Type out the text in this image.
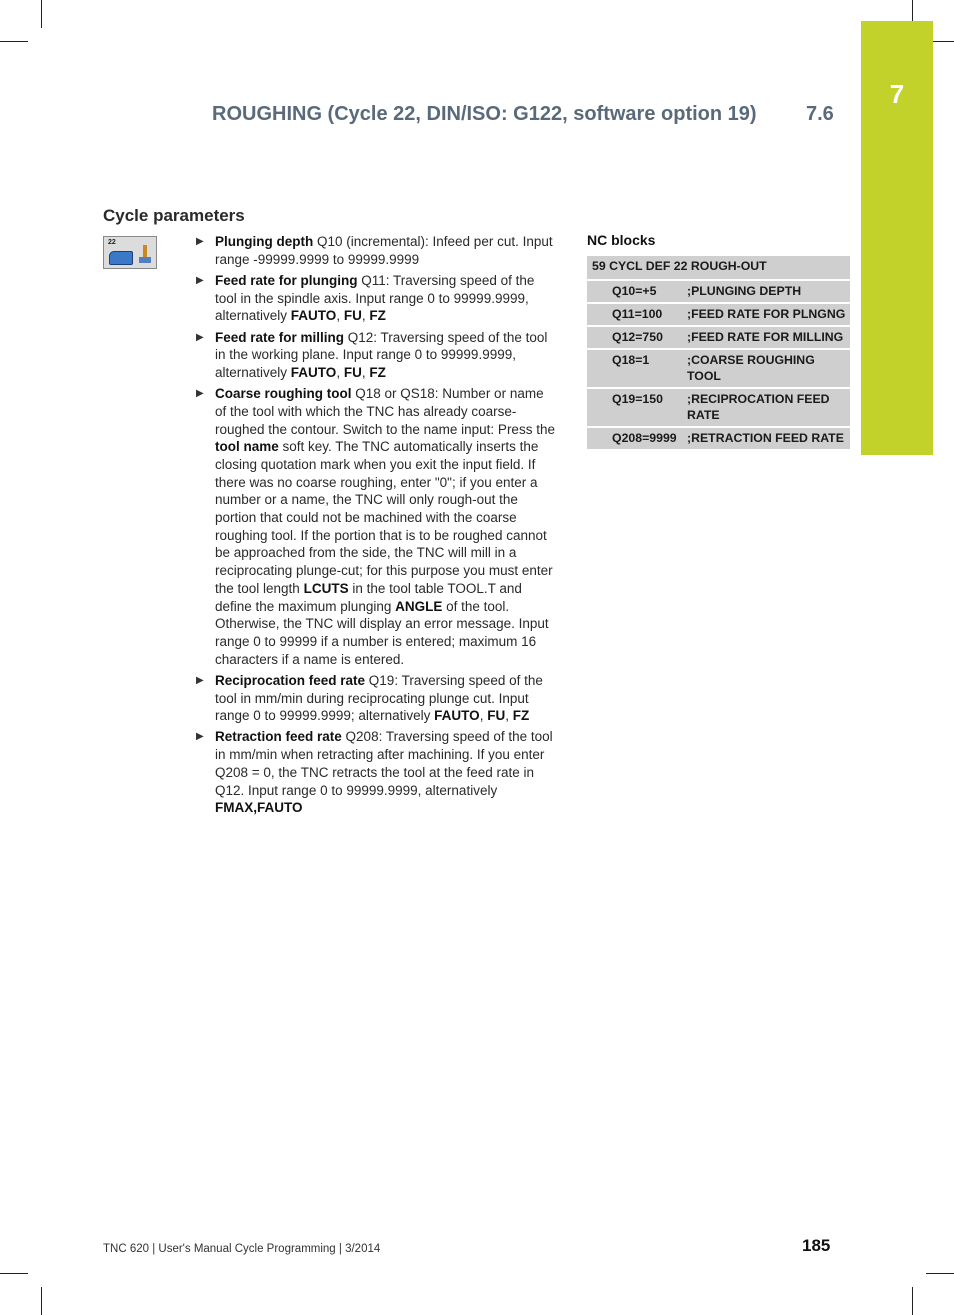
7
ROUGHING (Cycle 22, DIN/ISO: G122, software option 19)	7.6
Cycle parameters
22	▶ Plunging depth Q10 (incremental): Infeed per cut. Input range -99999.9999 to 99999.9999
▶ Feed rate for plunging Q11: Traversing speed of the tool in the spindle axis. Input range 0 to 99999.9999, alternatively FAUTO, FU, FZ
▶ Feed rate for milling Q12: Traversing speed of the tool in the working plane. Input range 0 to 99999.9999, alternatively FAUTO, FU, FZ
▶ Coarse roughing tool Q18 or QS18: Number or name of the tool with which the TNC has already coarse-roughed the contour. Switch to the name input: Press the tool name soft key. The TNC automatically inserts the closing quotation mark when you exit the input field. If there was no coarse roughing, enter "0"; if you enter a number or a name, the TNC will only rough-out the portion that could not be machined with the coarse roughing tool. If the portion that is to be roughed cannot be approached from the side, the TNC will mill in a reciprocating plunge-cut; for this purpose you must enter the tool length LCUTS in the tool table TOOL.T and define the maximum plunging ANGLE of the tool. Otherwise, the TNC will display an error message. Input range 0 to 99999 if a number is entered; maximum 16 characters if a name is entered.
▶ Reciprocation feed rate Q19: Traversing speed of the tool in mm/min during reciprocating plunge cut. Input range 0 to 99999.9999; alternatively FAUTO, FU, FZ
▶ Retraction feed rate Q208: Traversing speed of the tool in mm/min when retracting after machining. If you enter Q208 = 0, the TNC retracts the tool at the feed rate in Q12. Input range 0 to 99999.9999, alternatively FMAX,FAUTO
NC blocks
59 CYCL DEF 22 ROUGH-OUT	
Q10=+5	;PLUNGING DEPTH
Q11=100	;FEED RATE FOR PLNGNG
Q12=750	;FEED RATE FOR MILLING
Q18=1	;COARSE ROUGHING TOOL
Q19=150	;RECIPROCATION FEED RATE
Q208=9999	;RETRACTION FEED RATE
TNC 620 | User's Manual Cycle Programming | 3/2014	185
